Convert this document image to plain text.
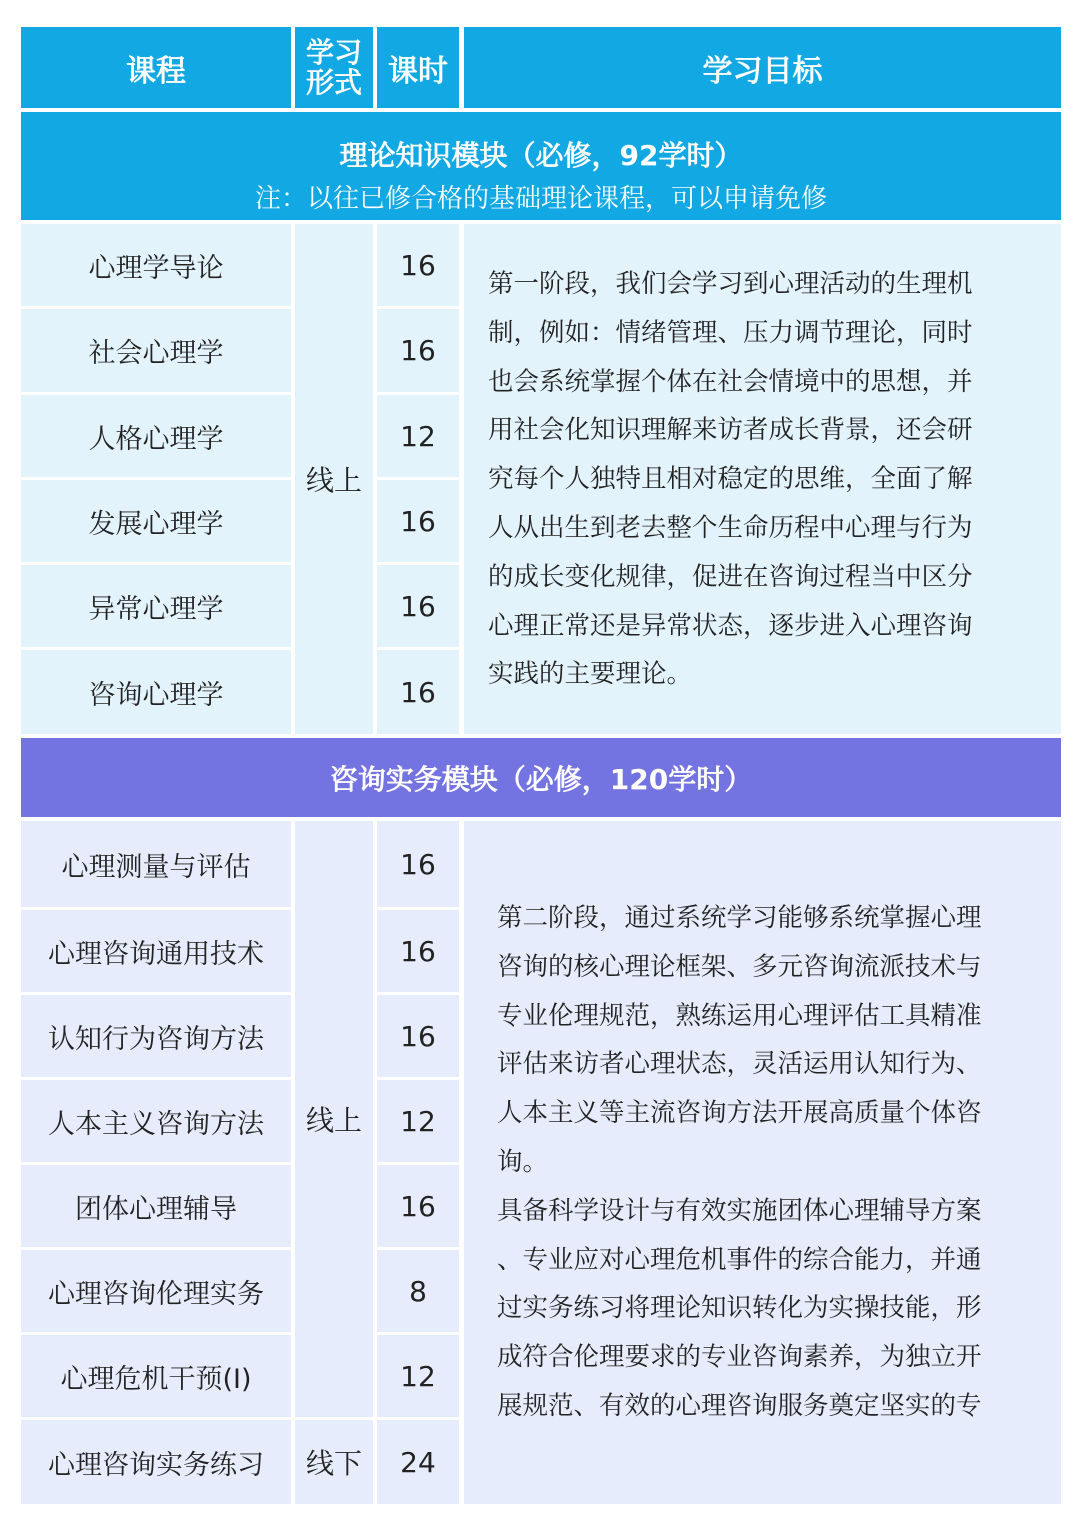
课程
学习
形式 课时	学习目标
理论知识模块（必修，92学时）
注：以往已修合格的基础理论课程，可以申请免修
心理学导论
社会心理学
人格心理学
发展心理学
异常心理学
咨询心理学
线上
16
16
12
16
16
16
第一阶段，我们会学习到心理活动的生理机
制，例如：情绪管理、压力调节理论，同时
也会系统掌握个体在社会情境中的思想，并
用社会化知识理解来访者成长背景，还会研
究每个人独特且相对稳定的思维，全面了解
人从出生到老去整个生命历程中心理与行为
的成长变化规律，促进在咨询过程当中区分
心理正常还是异常状态，逐步进入心理咨询
实践的主要理论。
咨询实务模块（必修，120学时）
心理测量与评估
心理咨询通用技术
认知行为咨询方法
人本主义咨询方法
团体心理辅导
心理咨询伦理实务
心理危机干预(Ⅰ)
心理咨询实务练习
线上
线下
16
16
16
12
16
8
12
24
第二阶段，通过系统学习能够系统掌握心理
咨询的核心理论框架、多元咨询流派技术与
专业伦理规范，熟练运用心理评估工具精准
评估来访者心理状态，灵活运用认知行为、
人本主义等主流咨询方法开展高质量个体咨
询。
具备科学设计与有效实施团体心理辅导方案
、专业应对心理危机事件的综合能力，并通
过实务练习将理论知识转化为实操技能，形
成符合伦理要求的专业咨询素养，为独立开
展规范、有效的心理咨询服务奠定坚实的专
